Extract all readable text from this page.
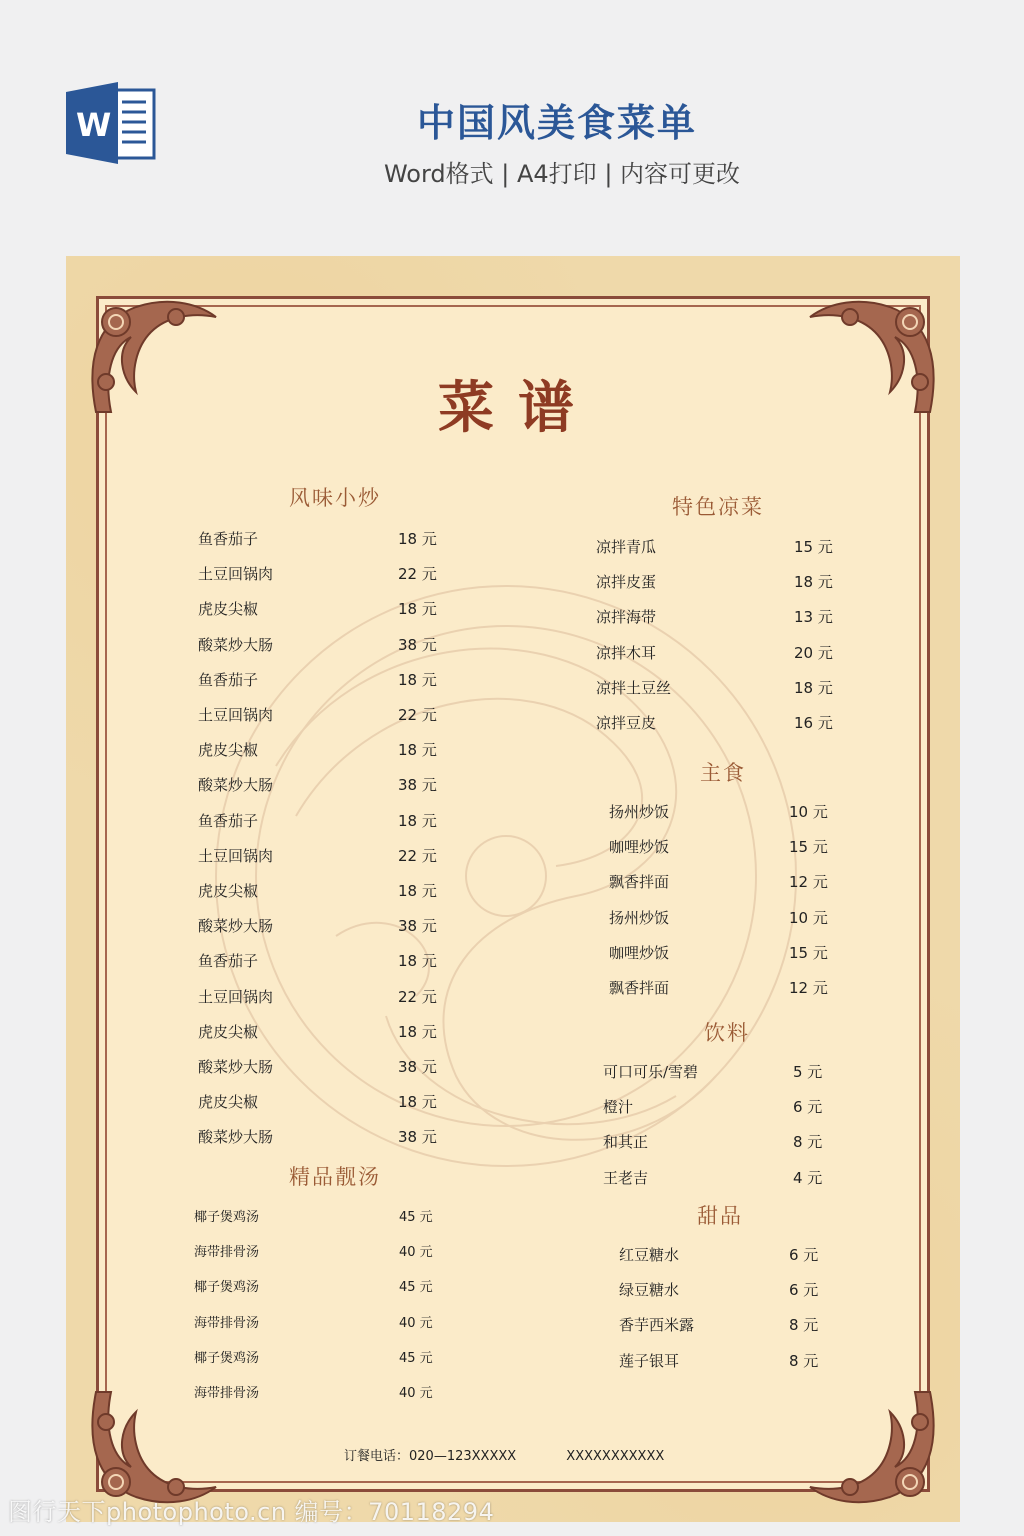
W	中国风美食菜单
Word格式 | A4打印 | 内容可更改
菜谱
风味小炒
鱼香茄子	18 元
土豆回锅肉	22 元
虎皮尖椒	18 元
酸菜炒大肠	38 元
鱼香茄子	18 元
土豆回锅肉	22 元
虎皮尖椒	18 元
酸菜炒大肠	38 元
鱼香茄子	18 元
土豆回锅肉	22 元
虎皮尖椒	18 元
酸菜炒大肠	38 元
鱼香茄子	18 元
土豆回锅肉	22 元
虎皮尖椒	18 元
酸菜炒大肠	38 元
虎皮尖椒	18 元
酸菜炒大肠	38 元
精品靓汤
椰子煲鸡汤	45 元
海带排骨汤	40 元
椰子煲鸡汤	45 元
海带排骨汤	40 元
椰子煲鸡汤	45 元
海带排骨汤	40 元
特色凉菜
凉拌青瓜	15 元
凉拌皮蛋	18 元
凉拌海带	13 元
凉拌木耳	20 元
凉拌土豆丝	18 元
凉拌豆皮	16 元
主食
扬州炒饭	10 元
咖哩炒饭	15 元
飘香拌面	12 元
扬州炒饭	10 元
咖哩炒饭	15 元
飘香拌面	12 元
饮料
可口可乐/雪碧	5 元
橙汁	6 元
和其正	8 元
王老吉	4 元
甜品
红豆糖水	6 元
绿豆糖水	6 元
香芋西米露	8 元
莲子银耳	8 元
订餐电话：020—123XXXXX	XXXXXXXXXXX
图行天下photophoto.cn 编号：70118294
